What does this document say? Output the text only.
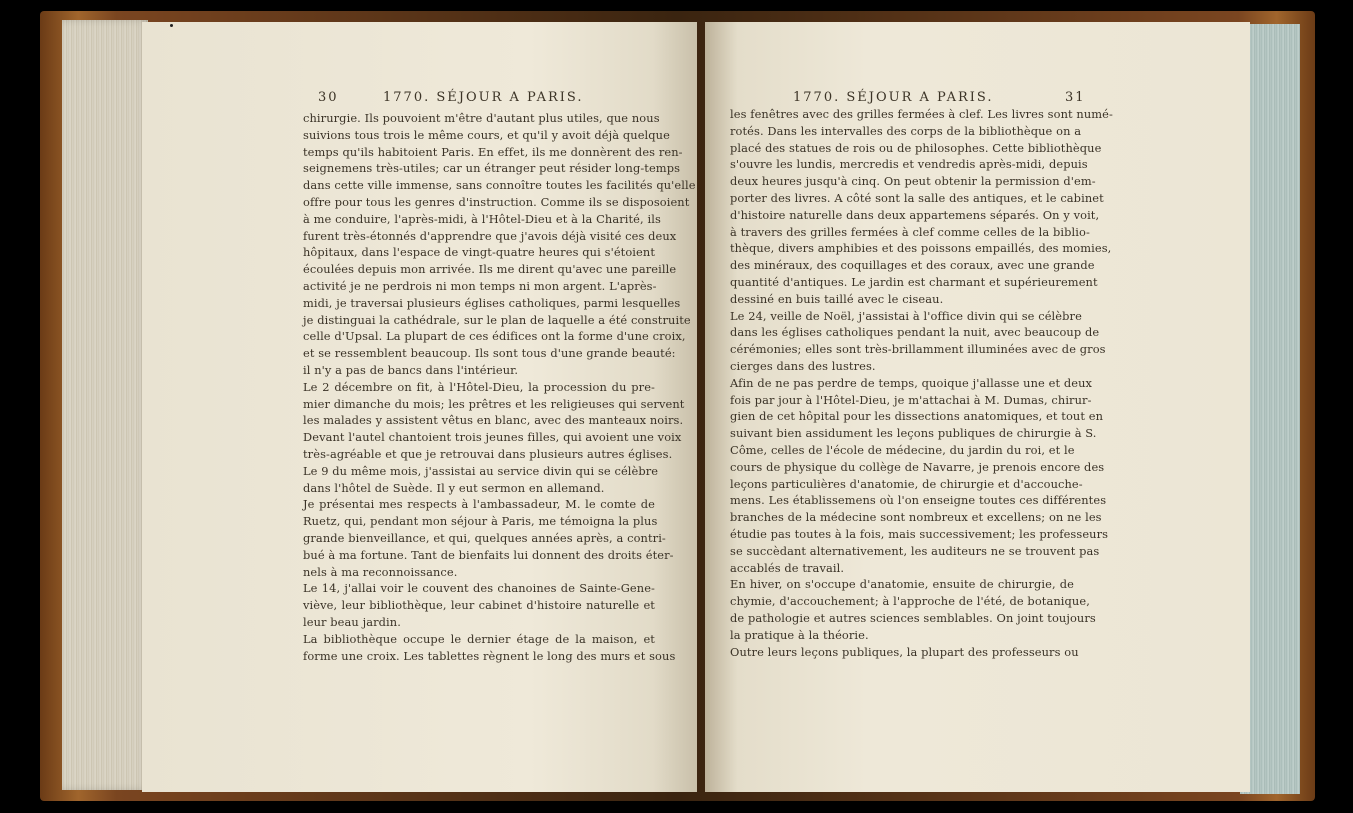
30	1770. SÉJOUR A PARIS.	1770. SÉJOUR A PARIS.	31
chirurgie. Ils pouvoient m'être d'autant plus utiles, que nous
suivions tous trois le même cours, et qu'il y avoit déjà quelque
temps qu'ils habitoient Paris. En effet, ils me donnèrent des ren-
seignemens très-utiles; car un étranger peut résider long-temps
dans cette ville immense, sans connoître toutes les facilités qu'elle
offre pour tous les genres d'instruction. Comme ils se disposoient
à me conduire, l'après-midi, à l'Hôtel-Dieu et à la Charité, ils
furent très-étonnés d'apprendre que j'avois déjà visité ces deux
hôpitaux, dans l'espace de vingt-quatre heures qui s'étoient
écoulées depuis mon arrivée. Ils me dirent qu'avec une pareille
activité je ne perdrois ni mon temps ni mon argent. L'après-
midi, je traversai plusieurs églises catholiques, parmi lesquelles
je distinguai la cathédrale, sur le plan de laquelle a été construite
celle d'Upsal. La plupart de ces édifices ont la forme d'une croix,
et se ressemblent beaucoup. Ils sont tous d'une grande beauté:
il n'y a pas de bancs dans l'intérieur.
Le 2 décembre on fit, à l'Hôtel-Dieu, la procession du pre-
mier dimanche du mois; les prêtres et les religieuses qui servent
les malades y assistent vêtus en blanc, avec des manteaux noirs.
Devant l'autel chantoient trois jeunes filles, qui avoient une voix
très-agréable et que je retrouvai dans plusieurs autres églises.
Le 9 du même mois, j'assistai au service divin qui se célèbre
dans l'hôtel de Suède. Il y eut sermon en allemand.
Je présentai mes respects à l'ambassadeur, M. le comte de
Ruetz, qui, pendant mon séjour à Paris, me témoigna la plus
grande bienveillance, et qui, quelques années après, a contri-
bué à ma fortune. Tant de bienfaits lui donnent des droits éter-
nels à ma reconnoissance.
Le 14, j'allai voir le couvent des chanoines de Sainte-Gene-
viève, leur bibliothèque, leur cabinet d'histoire naturelle et
leur beau jardin.
La bibliothèque occupe le dernier étage de la maison, et
forme une croix. Les tablettes règnent le long des murs et sous
les fenêtres avec des grilles fermées à clef. Les livres sont numé-
rotés. Dans les intervalles des corps de la bibliothèque on a
placé des statues de rois ou de philosophes. Cette bibliothèque
s'ouvre les lundis, mercredis et vendredis après-midi, depuis
deux heures jusqu'à cinq. On peut obtenir la permission d'em-
porter des livres. A côté sont la salle des antiques, et le cabinet
d'histoire naturelle dans deux appartemens séparés. On y voit,
à travers des grilles fermées à clef comme celles de la biblio-
thèque, divers amphibies et des poissons empaillés, des momies,
des minéraux, des coquillages et des coraux, avec une grande
quantité d'antiques. Le jardin est charmant et supérieurement
dessiné en buis taillé avec le ciseau.
Le 24, veille de Noël, j'assistai à l'office divin qui se célèbre
dans les églises catholiques pendant la nuit, avec beaucoup de
cérémonies; elles sont très-brillamment illuminées avec de gros
cierges dans des lustres.
Afin de ne pas perdre de temps, quoique j'allasse une et deux
fois par jour à l'Hôtel-Dieu, je m'attachai à M. Dumas, chirur-
gien de cet hôpital pour les dissections anatomiques, et tout en
suivant bien assidument les leçons publiques de chirurgie à S.
Côme, celles de l'école de médecine, du jardin du roi, et le
cours de physique du collège de Navarre, je prenois encore des
leçons particulières d'anatomie, de chirurgie et d'accouche-
mens. Les établissemens où l'on enseigne toutes ces différentes
branches de la médecine sont nombreux et excellens; on ne les
étudie pas toutes à la fois, mais successivement; les professeurs
se succèdant alternativement, les auditeurs ne se trouvent pas
accablés de travail.
En hiver, on s'occupe d'anatomie, ensuite de chirurgie, de
chymie, d'accouchement; à l'approche de l'été, de botanique,
de pathologie et autres sciences semblables. On joint toujours
la pratique à la théorie.
Outre leurs leçons publiques, la plupart des professeurs ou
